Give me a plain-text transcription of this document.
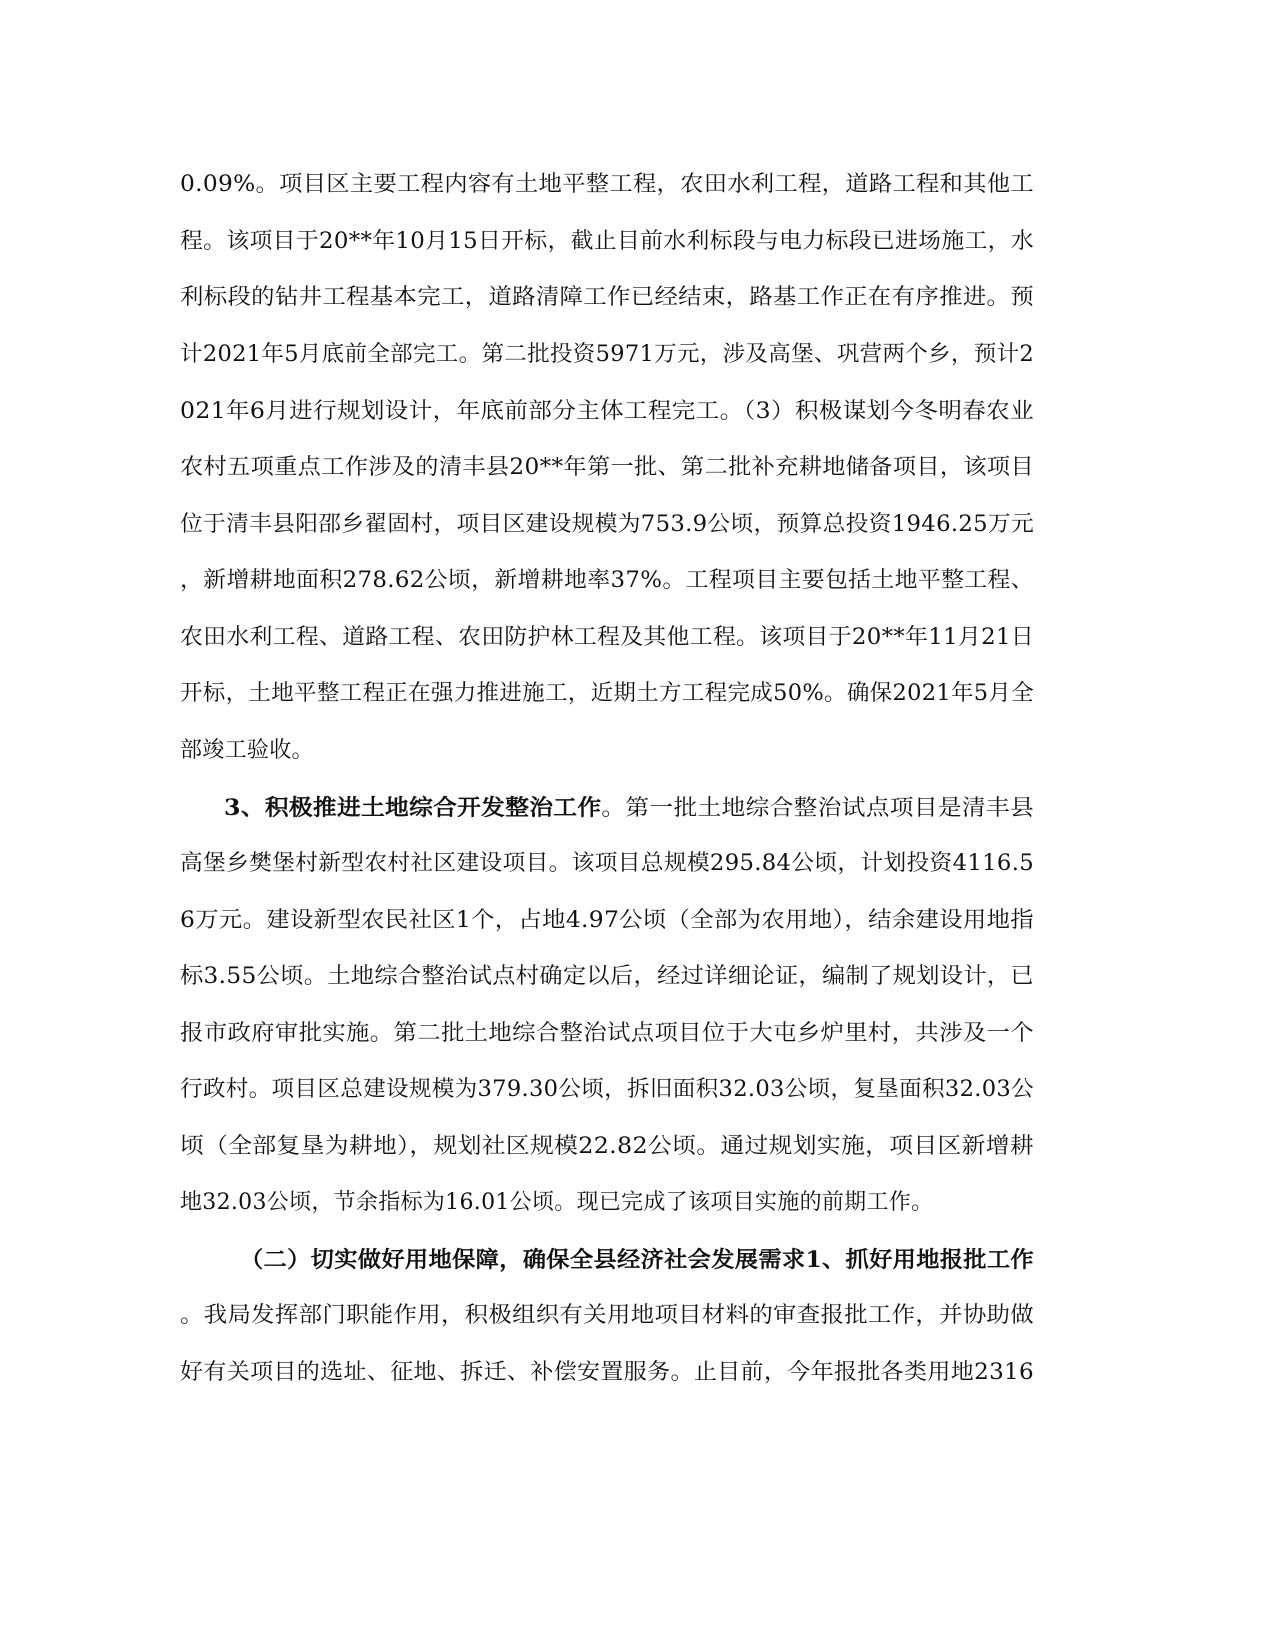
0.09%。项目区主要工程内容有土地平整工程，农田水利工程，道路工程和其他工
程。该项目于20**年10月15日开标，截止目前水利标段与电力标段已进场施工，水
利标段的钻井工程基本完工，道路清障工作已经结束，路基工作正在有序推进。预
计2021年5月底前全部完工。第二批投资5971万元，涉及高堡、巩营两个乡，预计2
021年6月进行规划设计，年底前部分主体工程完工。（3）积极谋划今冬明春农业
农村五项重点工作涉及的清丰县20**年第一批、第二批补充耕地储备项目，该项目
位于清丰县阳邵乡翟固村，项目区建设规模为753.9公顷，预算总投资1946.25万元
，新增耕地面积278.62公顷，新增耕地率37%。工程项目主要包括土地平整工程、
农田水利工程、道路工程、农田防护林工程及其他工程。该项目于20**年11月21日
开标，土地平整工程正在强力推进施工，近期土方工程完成50%。确保2021年5月全
部竣工验收。
3、积极推进土地综合开发整治工作。第一批土地综合整治试点项目是清丰县
高堡乡樊堡村新型农村社区建设项目。该项目总规模295.84公顷，计划投资4116.5
6万元。建设新型农民社区1个，占地4.97公顷（全部为农用地），结余建设用地指
标3.55公顷。土地综合整治试点村确定以后，经过详细论证，编制了规划设计，已
报市政府审批实施。第二批土地综合整治试点项目位于大屯乡炉里村，共涉及一个
行政村。项目区总建设规模为379.30公顷，拆旧面积32.03公顷，复垦面积32.03公
顷（全部复垦为耕地），规划社区规模22.82公顷。通过规划实施，项目区新增耕
地32.03公顷，节余指标为16.01公顷。现已完成了该项目实施的前期工作。
（二）切实做好用地保障，确保全县经济社会发展需求1、抓好用地报批工作
。我局发挥部门职能作用，积极组织有关用地项目材料的审查报批工作，并协助做
好有关项目的选址、征地、拆迁、补偿安置服务。止目前，今年报批各类用地2316
